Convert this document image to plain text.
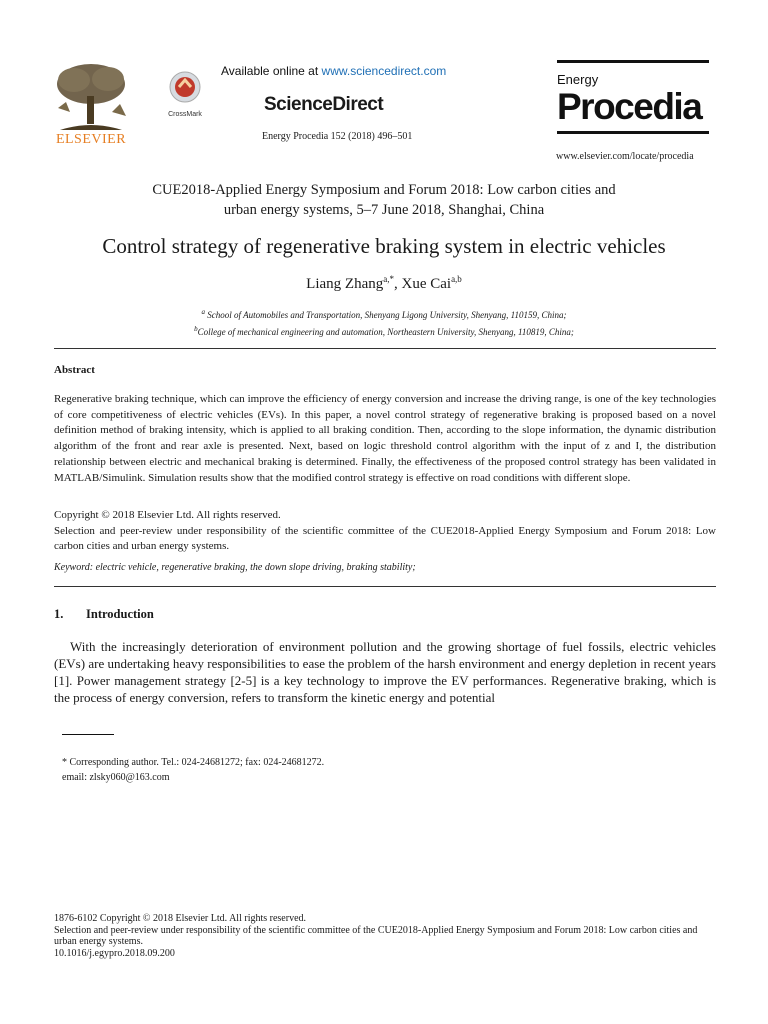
ELSEVIER
CrossMark
Available online at www.sciencedirect.com
ScienceDirect
Energy Procedia 152 (2018) 496–501
Energy
Procedia
www.elsevier.com/locate/procedia
CUE2018-Applied Energy Symposium and Forum 2018: Low carbon cities and
urban energy systems, 5–7 June 2018, Shanghai, China
Control strategy of regenerative braking system in electric vehicles
Liang Zhang$^{a,*}$, Xue Cai$^{a,b}$
$^a$ School of Automobiles and Transportation, Shenyang Ligong University, Shenyang, 110159, China;
$^b$College of mechanical engineering and automation, Northeastern University, Shenyang, 110819, China;
Abstract
Regenerative braking technique, which can improve the efficiency of energy conversion and increase the driving range, is one of the key technologies of core competitiveness of electric vehicles (EVs). In this paper, a novel control strategy of regenerative braking is proposed based on a novel definition method of braking intensity, which is applied to all braking condition. Then, according to the slope information, the dynamic distribution algorithm of the front and rear axle is presented. Next, based on logic threshold control algorithm with the input of z and I, the distribution relationship between electric and mechanical braking is determined. Finally, the effectiveness of the proposed control strategy has been validated in MATLAB/Simulink. Simulation results show that the modified control strategy is effective on road conditions with different slope.
Copyright © 2018 Elsevier Ltd. All rights reserved.
Selection and peer-review under responsibility of the scientific committee of the CUE2018-Applied Energy Symposium and Forum 2018: Low carbon cities and urban energy systems.
Keyword: electric vehicle, regenerative braking, the down slope driving, braking stability;
1. Introduction
With the increasingly deterioration of environment pollution and the growing shortage of fuel fossils, electric vehicles (EVs) are undertaking heavy responsibilities to ease the problem of the harsh environment and energy depletion in recent years [1]. Power management strategy [2-5] is a key technology to improve the EV performances. Regenerative braking, which is the process of energy conversion, refers to transform the kinetic energy and potential
* Corresponding author. Tel.: 024-24681272; fax: 024-24681272.
email: zlsky060@163.com
1876-6102 Copyright © 2018 Elsevier Ltd. All rights reserved.
Selection and peer-review under responsibility of the scientific committee of the CUE2018-Applied Energy Symposium and Forum 2018: Low carbon cities and urban energy systems.
10.1016/j.egypro.2018.09.200
